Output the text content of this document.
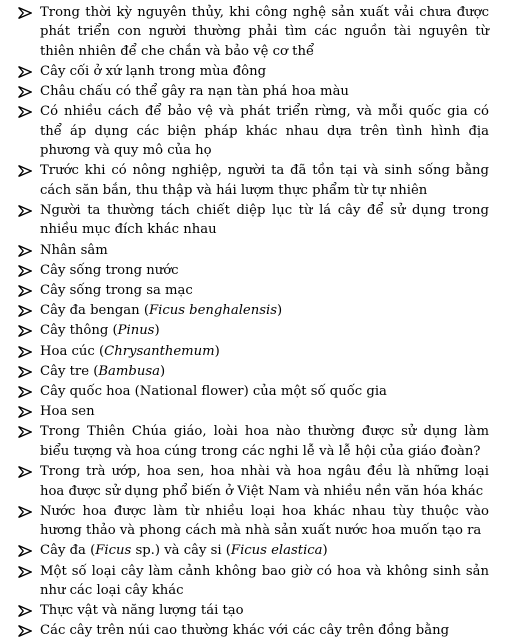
Trong thời kỳ nguyên thủy, khi công nghệ sản xuất vải chưa được phát triển con người thường phải tìm các nguồn tài nguyên từ thiên nhiên để che chắn và bảo vệ cơ thể
Cây cối ở xứ lạnh trong mùa đông
Châu chấu có thể gây ra nạn tàn phá hoa màu
Có nhiều cách để bảo vệ và phát triển rừng, và mỗi quốc gia có thể áp dụng các biện pháp khác nhau dựa trên tình hình địa phương và quy mô của họ
Trước khi có nông nghiệp, người ta đã tồn tại và sinh sống bằng cách săn bắn, thu thập và hái lượm thực phẩm từ tự nhiên
Người ta thường tách chiết diệp lục từ lá cây để sử dụng trong nhiều mục đích khác nhau
Nhân sâm
Cây sống trong nước
Cây sống trong sa mạc
Cây đa bengan (Ficus benghalensis)
Cây thông (Pinus)
Hoa cúc (Chrysanthemum)
Cây tre (Bambusa)
Cây quốc hoa (National flower) của một số quốc gia
Hoa sen
Trong Thiên Chúa giáo, loài hoa nào thường được sử dụng làm biểu tượng và hoa cúng trong các nghi lễ và lễ hội của giáo đoàn?
Trong trà ướp, hoa sen, hoa nhài và hoa ngâu đều là những loại hoa được sử dụng phổ biến ở Việt Nam và nhiều nền văn hóa khác
Nước hoa được làm từ nhiều loại hoa khác nhau tùy thuộc vào hương thảo và phong cách mà nhà sản xuất nước hoa muốn tạo ra
Cây đa (Ficus sp.) và cây si (Ficus elastica)
Một số loại cây làm cảnh không bao giờ có hoa và không sinh sản như các loại cây khác
Thực vật và năng lượng tái tạo
Các cây trên núi cao thường khác với các cây trên đồng bằng
